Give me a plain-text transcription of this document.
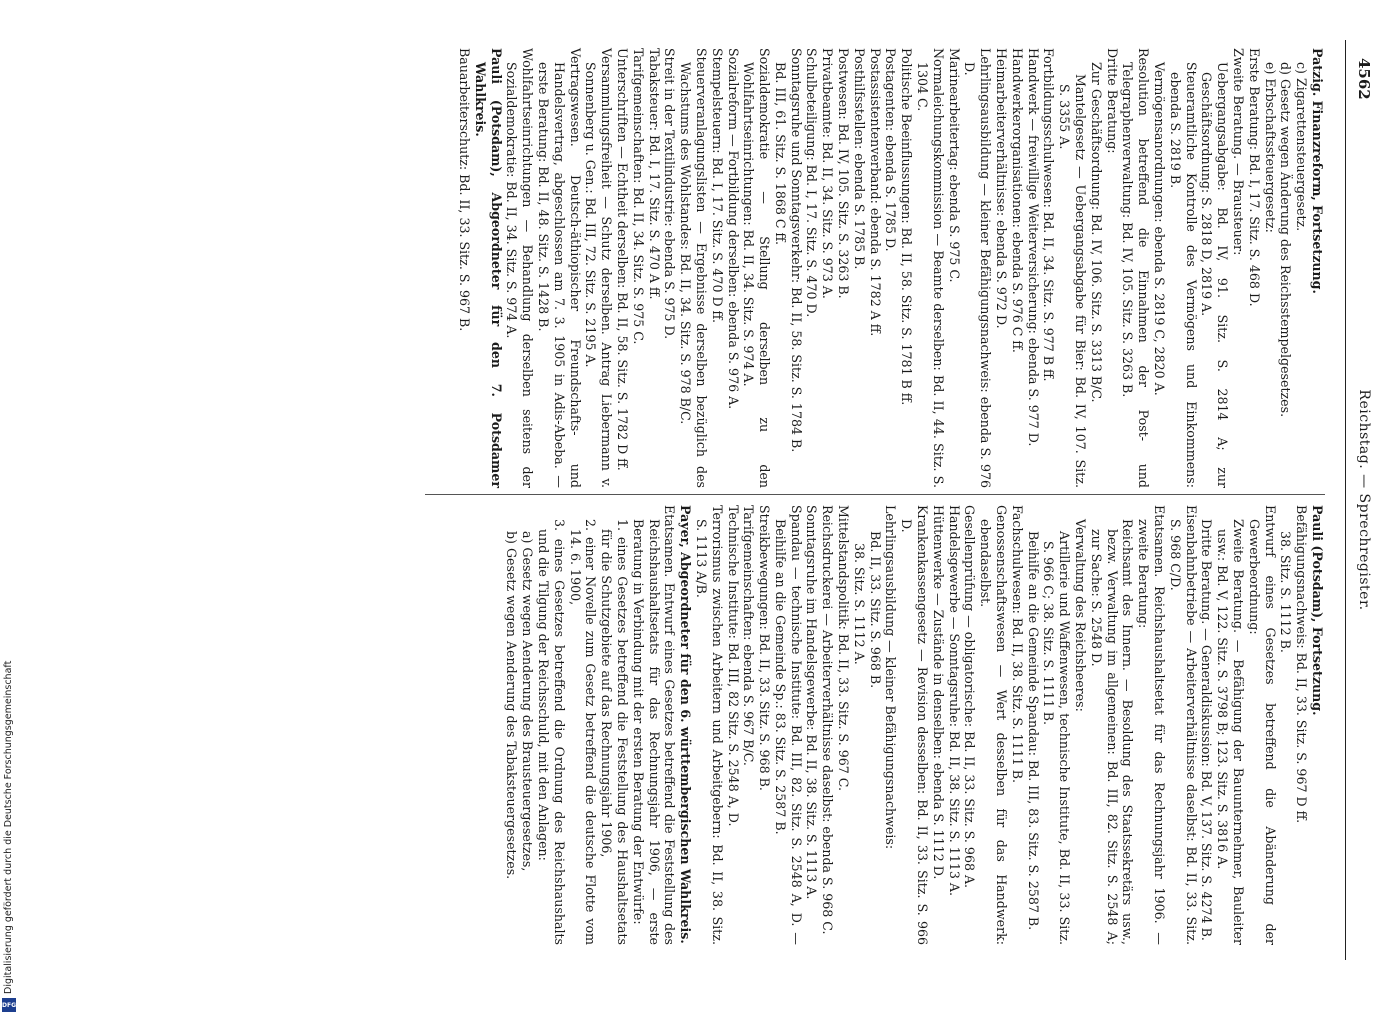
4562
Reichstag. — Sprechregister.

Patzig. Finanzreform, Fortsetzung.

c) Zigarettensteuergesetz.

d) Gesetz wegen Änderung des Reichsstempelgesetzes.

e) Erbschaftssteuergesetz:

Erste Beratung: Bd. I, 17. Sitz. S. 468 D.

Zweite Beratung. — Brausteuer:

Uebergangsabgabe: Bd. IV, 91. Sitz. S. 2814 A; zur Geschäftsordnung: S. 2818 D, 2819 A.

Steueramtliche Kontrolle des Vermögens und Einkommens: ebenda S. 2819 B.

Vermögensanordnungen: ebenda S. 2819 C, 2820 A.

Resolution betreffend die Einnahmen der Post- und Telegraphenverwaltung: Bd. IV, 105. Sitz. S. 3263 B.

Dritte Beratung:

Zur Geschäftsordnung: Bd. IV, 106. Sitz. S. 3313 B/C.

Mantelgesetz — Uebergangsabgabe für Bier: Bd. IV, 107. Sitz. S. 3355 A.

Fortbildungsschulwesen: Bd. II, 34. Sitz. S. 977 B ff.

Handwerk — freiwillige Weiterversicherung: ebenda S. 977 D.

Handwerkerorganisationen: ebenda S. 976 C ff.

Heimarbeiterverhältnisse: ebenda S. 972 D.

Lehrlingsausbildung — kleiner Befähigungsnachweis: ebenda S. 976 D.

Marinearbeitertag: ebenda S. 975 C.

Normaleichungskommission — Beamte derselben: Bd. II, 44. Sitz. S. 1304 C.

Politische Beeinflussungen: Bd. II, 58. Sitz. S. 1781 B ff.

Postagenten: ebenda S. 1785 D.

Postassistentenverband: ebenda S. 1782 A ff.

Posthilfsstellen: ebenda S. 1785 B.

Postwesen: Bd. IV, 105. Sitz. S. 3263 B.

Privatbeamte: Bd. II, 34. Sitz. S. 973 A.

Schulbeteiligung: Bd. I, 17. Sitz. S. 470 D.

Sonntagsruhe und Sonntagsverkehr: Bd. II, 58. Sitz. S. 1784 B.

Bd. III, 61. Sitz. S. 1868 C ff.

Sozialdemokratie — Stellung derselben zu den Wohlfahrtseinrichtungen: Bd. II, 34. Sitz. S. 974 A.

Sozialreform — Fortbildung derselben: ebenda S. 976 A.

Stempelsteuern: Bd. I, 17. Sitz. S. 470 D ff.

Steuerveranlagungslisten — Ergebnisse derselben bezüglich des Wachstums des Wohlstandes: Bd. II, 34. Sitz. S. 978 B/C.

Streit in der Textilindustrie: ebenda S. 975 D.

Tabaksteuer: Bd. I, 17. Sitz. S. 470 A ff.

Tarifgemeinschaften: Bd. II, 34. Sitz. S. 975 C.

Unterschriften — Echtheit derselben: Bd. II, 58. Sitz. S. 1782 D ff.

Versammlungsfreiheit — Schutz derselben. Antrag Liebermann v. Sonnenberg u. Gen.: Bd. III, 72. Sitz. S. 2195 A.

Vertragswesen. Deutsch-äthiopischer Freundschafts- und Handelsvertrag, abgeschlossen am 7. 3. 1905 in Adis-Abeba. — erste Beratung: Bd. II, 48. Sitz. S. 1428 B.

Wohlfahrtseinrichtungen — Behandlung derselben seitens der Sozialdemokratie: Bd. II, 34. Sitz. S. 974 A.

Pauli (Potsdam), Abgeordneter für den 7. Potsdamer Wahlkreis.

Bauarbeiterschutz: Bd. II, 33. Sitz. S. 967 B.

Pauli (Potsdam), Fortsetzung.

Befähigungsnachweis: Bd. II, 33. Sitz. S. 967 D ff.

38. Sitz. S. 1112 B.

Entwurf eines Gesetzes betreffend die Abänderung der Gewerbeordnung:

Zweite Beratung. — Befähigung der Bauunternehmer, Bauleiter usw.: Bd. V, 122. Sitz. S. 3798 B; 123. Sitz. S. 3816 A.

Dritte Beratung. — Generaldiskussion: Bd. V, 137. Sitz. S. 4274 B.

Eisenbahnbetriebe — Arbeiterverhältnisse daselbst: Bd. II, 33. Sitz. S. 968 C/D.

Etatsamen. Reichshaushaltsetat für das Rechnungsjahr 1906. — zweite Beratung:

Reichsamt des Innern. — Besoldung des Staatssekretärs usw., bezw. Verwaltung im allgemeinen: Bd. III, 82. Sitz. S. 2548 A; zur Sache: S. 2548 D.

Verwaltung des Reichsheeres:

Artillerie und Waffenwesen, technische Institute, Bd. II, 33. Sitz. S. 966 C; 38. Sitz. S. 1111 B.

Beihilfe an die Gemeinde Spandau: Bd. III, 83. Sitz. S. 2587 B.

Fachschulwesen: Bd. II, 38. Sitz. S. 1111 B.

Genossenschaftswesen — Wert desselben für das Handwerk: ebendaselbst.

Gesellenprüfung — obligatorische: Bd. II, 33. Sitz. S. 968 A.

Handelsgewerbe — Sonntagsruhe: Bd. II, 38. Sitz. S. 1113 A.

Hüttenwerke — Zustände in denselben: ebenda S. 1112 D.

Krankenkassengesetz — Revision desselben: Bd. II, 33. Sitz. S. 966 D.

Lehrlingsausbildung — kleiner Befähigungsnachweis:

Bd. II, 33. Sitz. S. 968 B.

38. Sitz. S. 1112 A.

Mittelstandspolitik: Bd. II, 33. Sitz. S. 967 C.

Reichsdruckerei — Arbeiterverhältnisse daselbst: ebenda S. 968 C.

Sonntagsruhe im Handelsgewerbe: Bd. II, 38. Sitz. S. 1113 A.

Spandau — technische Institute: Bd. III, 82. Sitz. S. 2548 A, D. — Beihilfe an die Gemeinde Sp.: 83. Sitz. S. 2587 B.

Streikbewegungen: Bd. II, 33. Sitz. S. 968 B.

Tarifgemeinschaften: ebenda S. 967 B/C.

Technische Institute: Bd. III, 82 Sitz. S. 2548 A, D.

Terrorismus zwischen Arbeitern und Arbeitgebern: Bd. II, 38. Sitz. S. 1113 A/B.

Payer, Abgeordneter für den 6. württembergischen Wahlkreis.

Etatsamen. Entwurf eines Gesetzes betreffend die Feststellung des Reichshaushaltsetats für das Rechnungsjahr 1906, — erste Beratung in Verbindung mit der ersten Beratung der Entwürfe:

1. eines Gesetzes betreffend die Feststellung des Haushaltsetats für die Schutzgebiete auf das Rechnungsjahr 1906,

2. einer Novelle zum Gesetz betreffend die deutsche Flotte vom 14. 6. 1900,

3. eines Gesetzes betreffend die Ordnung des Reichshaushalts und die Tilgung der Reichsschuld, mit den Anlagen:

a) Gesetz wegen Aenderung des Brausteuergesetzes,

b) Gesetz wegen Aenderung des Tabaksteuergesetzes.

Digitalisierung gefördert durch die Deutsche Forschungsgemeinschaft
DFG
